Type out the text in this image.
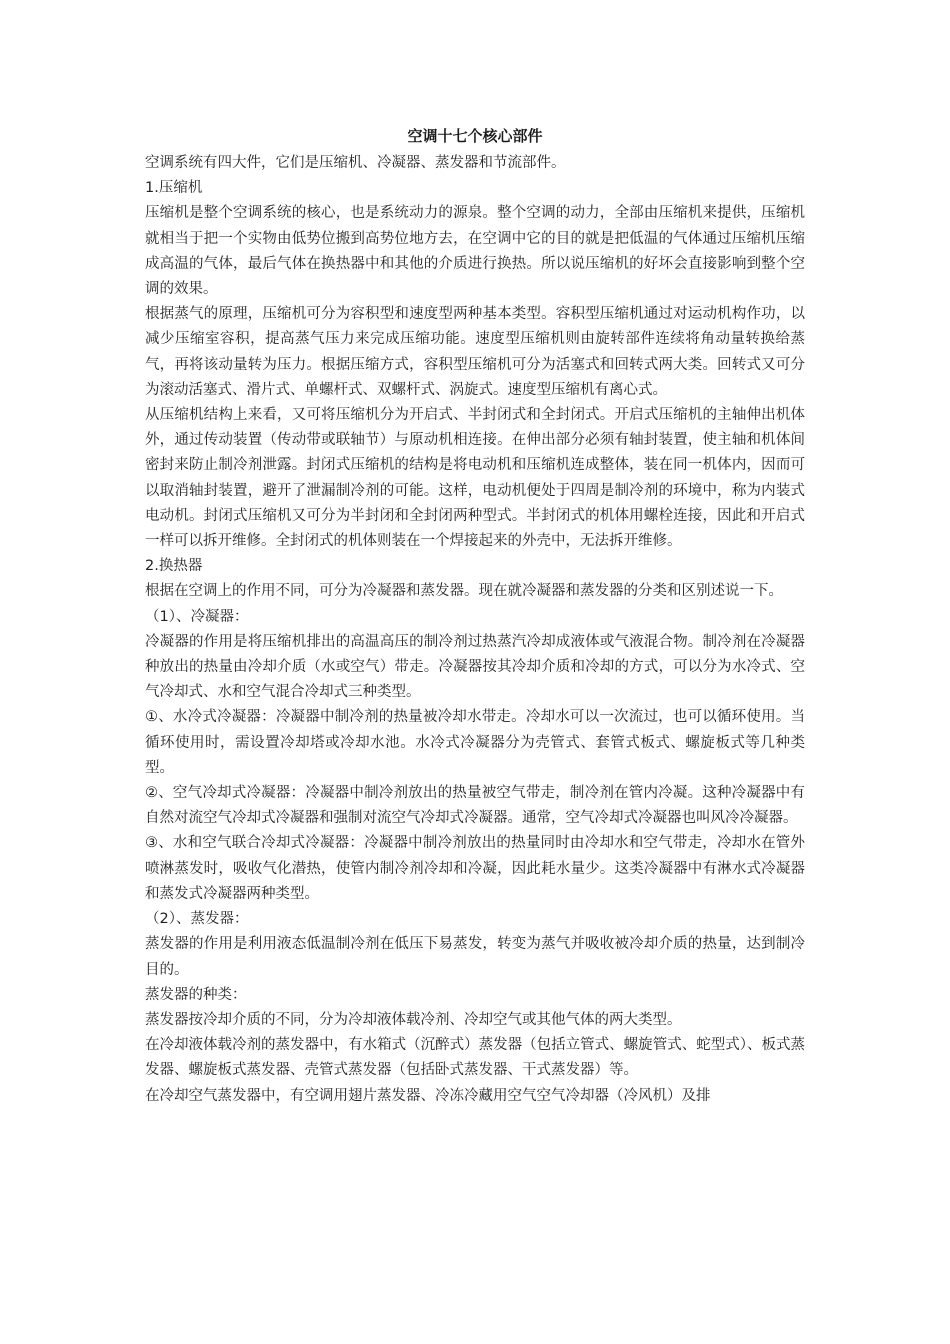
空调十七个核心部件

空调系统有四大件，它们是压缩机、冷凝器、蒸发器和节流部件。

1.压缩机

压缩机是整个空调系统的核心，也是系统动力的源泉。整个空调的动力，全部由压缩机来提供，压缩机就相当于把一个实物由低势位搬到高势位地方去，在空调中它的目的就是把低温的气体通过压缩机压缩成高温的气体，最后气体在换热器中和其他的介质进行换热。所以说压缩机的好坏会直接影响到整个空调的效果。

根据蒸气的原理，压缩机可分为容积型和速度型两种基本类型。容积型压缩机通过对运动机构作功，以减少压缩室容积，提高蒸气压力来完成压缩功能。速度型压缩机则由旋转部件连续将角动量转换给蒸气，再将该动量转为压力。根据压缩方式，容积型压缩机可分为活塞式和回转式两大类。回转式又可分为滚动活塞式、滑片式、单螺杆式、双螺杆式、涡旋式。速度型压缩机有离心式。

从压缩机结构上来看，又可将压缩机分为开启式、半封闭式和全封闭式。开启式压缩机的主轴伸出机体外，通过传动装置（传动带或联轴节）与原动机相连接。在伸出部分必须有轴封装置，使主轴和机体间密封来防止制冷剂泄露。封闭式压缩机的结构是将电动机和压缩机连成整体，装在同一机体内，因而可以取消轴封装置，避开了泄漏制冷剂的可能。这样，电动机便处于四周是制冷剂的环境中，称为内装式电动机。封闭式压缩机又可分为半封闭和全封闭两种型式。半封闭式的机体用螺栓连接，因此和开启式一样可以拆开维修。全封闭式的机体则装在一个焊接起来的外壳中，无法拆开维修。

2.换热器

根据在空调上的作用不同，可分为冷凝器和蒸发器。现在就冷凝器和蒸发器的分类和区别述说一下。

（1）、冷凝器：

冷凝器的作用是将压缩机排出的高温高压的制冷剂过热蒸汽冷却成液体或气液混合物。制冷剂在冷凝器种放出的热量由冷却介质（水或空气）带走。冷凝器按其冷却介质和冷却的方式，可以分为水冷式、空气冷却式、水和空气混合冷却式三种类型。

①、水冷式冷凝器：冷凝器中制冷剂的热量被冷却水带走。冷却水可以一次流过，也可以循环使用。当循环使用时，需设置冷却塔或冷却水池。水冷式冷凝器分为壳管式、套管式板式、螺旋板式等几种类型。

②、空气冷却式冷凝器：冷凝器中制冷剂放出的热量被空气带走，制冷剂在管内冷凝。这种冷凝器中有自然对流空气冷却式冷凝器和强制对流空气冷却式冷凝器。通常，空气冷却式冷凝器也叫风冷冷凝器。

③、水和空气联合冷却式冷凝器：冷凝器中制冷剂放出的热量同时由冷却水和空气带走，冷却水在管外喷淋蒸发时，吸收气化潜热，使管内制冷剂冷却和冷凝，因此耗水量少。这类冷凝器中有淋水式冷凝器和蒸发式冷凝器两种类型。

（2）、蒸发器：

蒸发器的作用是利用液态低温制冷剂在低压下易蒸发，转变为蒸气并吸收被冷却介质的热量，达到制冷目的。

蒸发器的种类：

蒸发器按冷却介质的不同，分为冷却液体载冷剂、冷却空气或其他气体的两大类型。

在冷却液体载冷剂的蒸发器中，有水箱式（沉醉式）蒸发器（包括立管式、螺旋管式、蛇型式）、板式蒸发器、螺旋板式蒸发器、壳管式蒸发器（包括卧式蒸发器、干式蒸发器）等。

在冷却空气蒸发器中，有空调用翅片蒸发器、冷冻冷藏用空气空气冷却器（冷风机）及排
